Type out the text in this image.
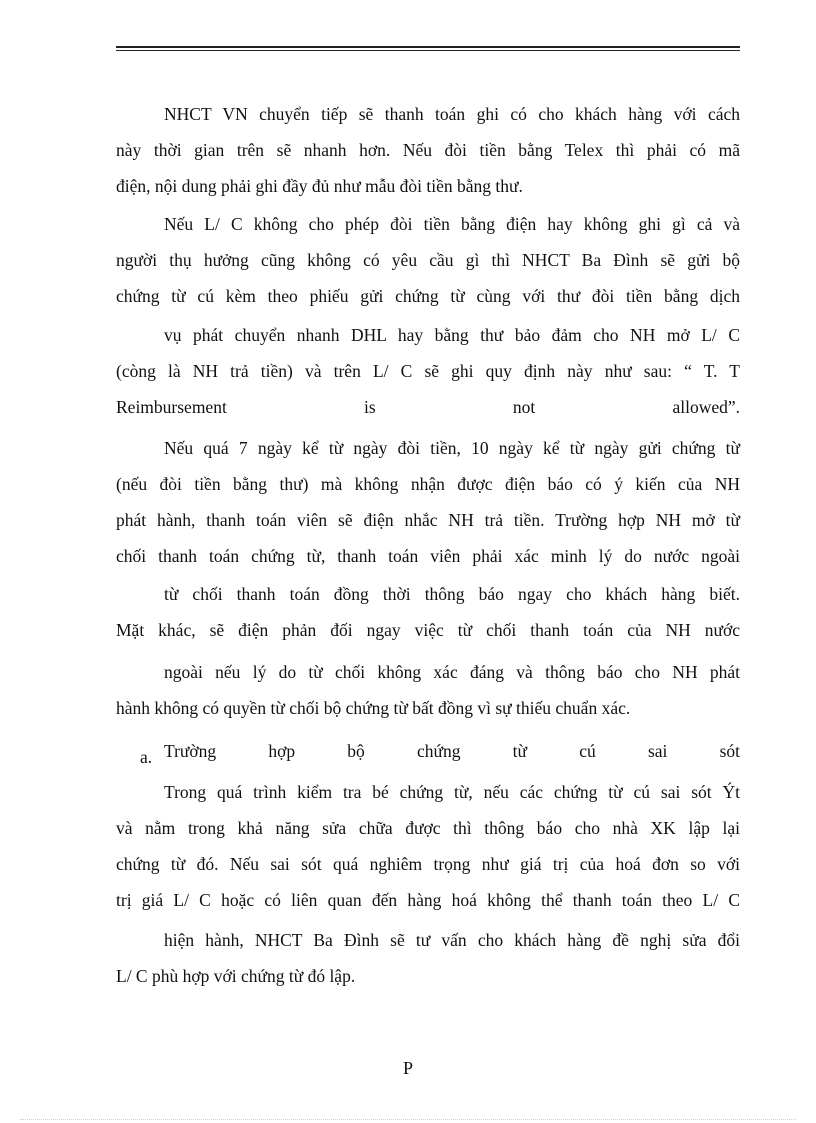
NHCT VN chuyển tiếp sẽ thanh toán ghi có cho khách hàng với cách
này thời gian trên sẽ nhanh hơn. Nếu đòi tiền bằng Telex thì phải có mã
điện, nội dung phải ghi đầy đủ như mẫu đòi tiền bằng thư.
Nếu L/ C không cho phép đòi tiền bằng điện hay không ghi gì cả và
người thụ hưởng cũng không có yêu cầu gì thì NHCT Ba Đình sẽ gửi bộ
chứng từ cú kèm theo phiếu gửi chứng từ cùng với thư đòi tiền bằng dịch
vụ phát chuyển nhanh DHL hay bằng thư bảo đảm cho NH mở L/ C
(còng là NH trả tiền) và trên L/ C sẽ ghi quy định này như sau: “ T. T
Reimbursement is not allowed”.
Nếu quá 7 ngày kể từ ngày đòi tiền, 10 ngày kể từ ngày gửi chứng từ
(nếu đòi tiền bằng thư) mà không nhận được điện báo có ý kiến của NH
phát hành, thanh toán viên sẽ điện nhắc NH trả tiền. Trường hợp NH mở từ
chối thanh toán chứng từ, thanh toán viên phải xác minh lý do nước ngoài
từ chối thanh toán đồng thời thông báo ngay cho khách hàng biết.
Mặt khác, sẽ điện phản đối ngay việc từ chối thanh toán của NH nước
ngoài nếu lý do từ chối không xác đáng và thông báo cho NH phát
hành không có quyền từ chối bộ chứng từ bất đồng vì sự thiếu chuẩn xác.
a. Trường hợp bộ chứng từ cú sai sót
Trong quá trình kiểm tra bé chứng từ, nếu các chứng từ cú sai sót Ýt
và nằm trong khả năng sửa chữa được thì thông báo cho nhà XK lập lại
chứng từ đó. Nếu sai sót quá nghiêm trọng như giá trị của hoá đơn so với
trị giá L/ C hoặc có liên quan đến hàng hoá không thể thanh toán theo L/ C
hiện hành, NHCT Ba Đình sẽ tư vấn cho khách hàng đề nghị sửa đổi
L/ C phù hợp với chứng từ đó lập.
P
